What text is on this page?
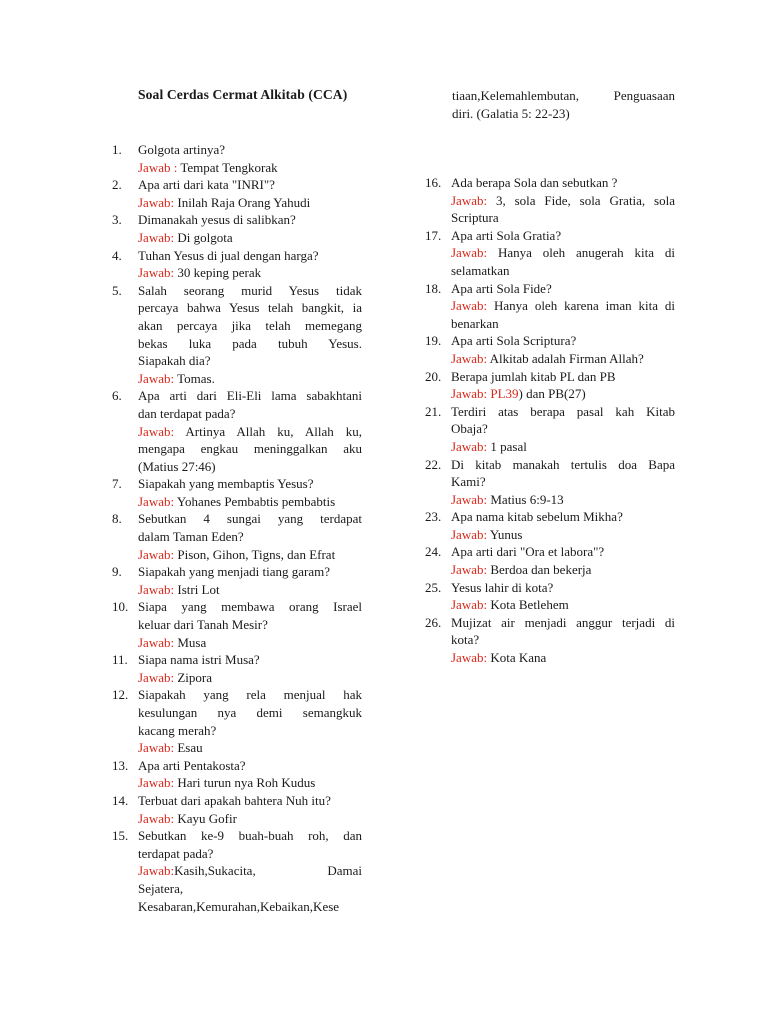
Soal Cerdas Cermat Alkitab (CCA)	tiaan,Kelemahlembutan, Penguasaan
diri. (Galatia 5: 22-23)
1. Golgota artinya?
Jawab : Tempat Tengkorak
2. Apa arti dari kata "INRI"?
Jawab: Inilah Raja Orang Yahudi
3. Dimanakah yesus di salibkan?
Jawab: Di golgota
4. Tuhan Yesus di jual dengan harga?
Jawab: 30 keping perak
5. Salah seorang murid Yesus tidak
percaya bahwa Yesus telah bangkit, ia
akan percaya jika telah memegang
bekas luka pada tubuh Yesus.
Siapakah dia?
Jawab: Tomas.
6. Apa arti dari Eli-Eli lama sabakhtani
dan terdapat pada?
Jawab: Artinya Allah ku, Allah ku,
mengapa engkau meninggalkan aku
(Matius 27:46)
7. Siapakah yang membaptis Yesus?
Jawab: Yohanes Pembabtis pembabtis
8. Sebutkan 4 sungai yang terdapat
dalam Taman Eden?
Jawab: Pison, Gihon, Tigns, dan Efrat
9. Siapakah yang menjadi tiang garam?
Jawab: Istri Lot
10. Siapa yang membawa orang Israel
keluar dari Tanah Mesir?
Jawab: Musa
11. Siapa nama istri Musa?
Jawab: Zipora
12. Siapakah yang rela menjual hak
kesulungan nya demi semangkuk
kacang merah?
Jawab: Esau
13. Apa arti Pentakosta?
Jawab: Hari turun nya Roh Kudus
14. Terbuat dari apakah bahtera Nuh itu?
Jawab: Kayu Gofir
15. Sebutkan ke-9 buah-buah roh, dan
terdapat pada?
Jawab:Kasih,Sukacita, Damai
Sejatera,
Kesabaran,Kemurahan,Kebaikan,Kese
16. Ada berapa Sola dan sebutkan ?
Jawab: 3, sola Fide, sola Gratia, sola
Scriptura
17. Apa arti Sola Gratia?
Jawab: Hanya oleh anugerah kita di
selamatkan
18. Apa arti Sola Fide?
Jawab: Hanya oleh karena iman kita di
benarkan
19. Apa arti Sola Scriptura?
Jawab: Alkitab adalah Firman Allah?
20. Berapa jumlah kitab PL dan PB
Jawab: PL39) dan PB(27)
21. Terdiri atas berapa pasal kah Kitab
Obaja?
Jawab: 1 pasal
22. Di kitab manakah tertulis doa Bapa
Kami?
Jawab: Matius 6:9-13
23. Apa nama kitab sebelum Mikha?
Jawab: Yunus
24. Apa arti dari "Ora et labora"?
Jawab: Berdoa dan bekerja
25. Yesus lahir di kota?
Jawab: Kota Betlehem
26. Mujizat air menjadi anggur terjadi di
kota?
Jawab: Kota Kana
